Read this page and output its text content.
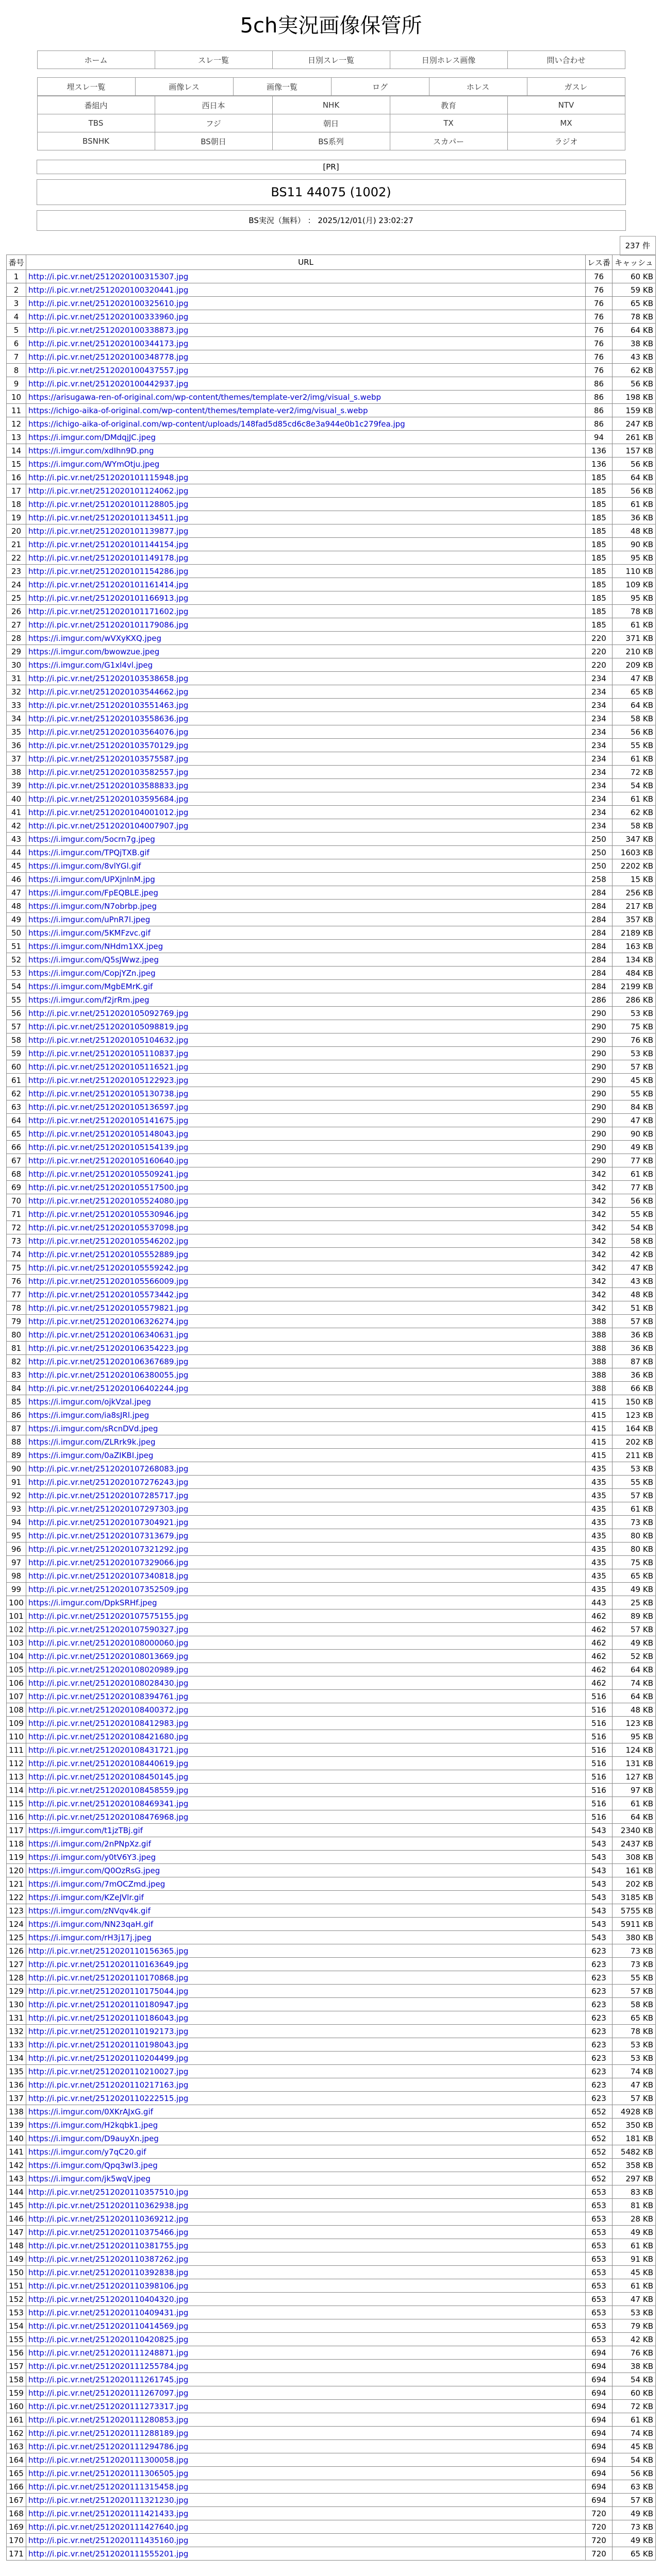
5ch実況画像保管所
ホーム	スレ一覧	日別スレ一覧	日別ホレス画像	問い合わせ
埋スレ一覧	画像レス	画像一覧	ログ	ホレス	ガスレ
番組内	西日本	NHK	教育	NTV
TBS	フジ	朝日	TX	MX
BSNHK	BS朝日	BS系列	スカパー	ラジオ
[PR]
BS11 44075 (1002)
BS実況（無料） ： 2025/12/01(月) 23:02:27
237 件
番号	URL	レス番	キャッシュ
1	http://i.pic.vr.net/2512020100315307.jpg	76	60 KB
2	http://i.pic.vr.net/2512020100320441.jpg	76	59 KB
3	http://i.pic.vr.net/2512020100325610.jpg	76	65 KB
4	http://i.pic.vr.net/2512020100333960.jpg	76	78 KB
5	http://i.pic.vr.net/2512020100338873.jpg	76	64 KB
6	http://i.pic.vr.net/2512020100344173.jpg	76	38 KB
7	http://i.pic.vr.net/2512020100348778.jpg	76	43 KB
8	http://i.pic.vr.net/2512020100437557.jpg	76	62 KB
9	http://i.pic.vr.net/2512020100442937.jpg	86	56 KB
10	https://arisugawa-ren-of-original.com/wp-content/themes/template-ver2/img/visual_s.webp	86	198 KB
11	https://ichigo-aika-of-original.com/wp-content/themes/template-ver2/img/visual_s.webp	86	159 KB
12	https://ichigo-aika-of-original.com/wp-content/uploads/148fad5d85cd6c8e3a944e0b1c279fea.jpg	86	247 KB
13	https://i.imgur.com/DMdqjJC.jpeg	94	261 KB
14	https://i.imgur.com/xdIhn9D.png	136	157 KB
15	https://i.imgur.com/WYmOtju.jpeg	136	56 KB
16	http://i.pic.vr.net/2512020101115948.jpg	185	64 KB
17	http://i.pic.vr.net/2512020101124062.jpg	185	56 KB
18	http://i.pic.vr.net/2512020101128805.jpg	185	61 KB
19	http://i.pic.vr.net/2512020101134511.jpg	185	36 KB
20	http://i.pic.vr.net/2512020101139877.jpg	185	48 KB
21	http://i.pic.vr.net/2512020101144154.jpg	185	90 KB
22	http://i.pic.vr.net/2512020101149178.jpg	185	95 KB
23	http://i.pic.vr.net/2512020101154286.jpg	185	110 KB
24	http://i.pic.vr.net/2512020101161414.jpg	185	109 KB
25	http://i.pic.vr.net/2512020101166913.jpg	185	95 KB
26	http://i.pic.vr.net/2512020101171602.jpg	185	78 KB
27	http://i.pic.vr.net/2512020101179086.jpg	185	61 KB
28	https://i.imgur.com/wVXyKXQ.jpeg	220	371 KB
29	https://i.imgur.com/bwowzue.jpeg	220	210 KB
30	https://i.imgur.com/G1xl4vl.jpeg	220	209 KB
31	http://i.pic.vr.net/2512020103538658.jpg	234	47 KB
32	http://i.pic.vr.net/2512020103544662.jpg	234	65 KB
33	http://i.pic.vr.net/2512020103551463.jpg	234	64 KB
34	http://i.pic.vr.net/2512020103558636.jpg	234	58 KB
35	http://i.pic.vr.net/2512020103564076.jpg	234	56 KB
36	http://i.pic.vr.net/2512020103570129.jpg	234	55 KB
37	http://i.pic.vr.net/2512020103575587.jpg	234	61 KB
38	http://i.pic.vr.net/2512020103582557.jpg	234	72 KB
39	http://i.pic.vr.net/2512020103588833.jpg	234	54 KB
40	http://i.pic.vr.net/2512020103595684.jpg	234	61 KB
41	http://i.pic.vr.net/2512020104001012.jpg	234	62 KB
42	http://i.pic.vr.net/2512020104007907.jpg	234	58 KB
43	https://i.imgur.com/5ocrn7g.jpeg	250	347 KB
44	https://i.imgur.com/TPQjTXB.gif	250	1603 KB
45	https://i.imgur.com/8vlYGl.gif	250	2202 KB
46	https://i.imgur.com/UPXjnlnM.jpg	258	15 KB
47	https://i.imgur.com/FpEQBLE.jpeg	284	256 KB
48	https://i.imgur.com/N7obrbp.jpeg	284	217 KB
49	https://i.imgur.com/uPnR7l.jpeg	284	357 KB
50	https://i.imgur.com/5KMFzvc.gif	284	2189 KB
51	https://i.imgur.com/NHdm1XX.jpeg	284	163 KB
52	https://i.imgur.com/Q5sJWwz.jpeg	284	134 KB
53	https://i.imgur.com/CopjYZn.jpeg	284	484 KB
54	https://i.imgur.com/MgbEMrK.gif	284	2199 KB
55	https://i.imgur.com/f2jrRm.jpeg	286	286 KB
56	http://i.pic.vr.net/2512020105092769.jpg	290	53 KB
57	http://i.pic.vr.net/2512020105098819.jpg	290	75 KB
58	http://i.pic.vr.net/2512020105104632.jpg	290	76 KB
59	http://i.pic.vr.net/2512020105110837.jpg	290	53 KB
60	http://i.pic.vr.net/2512020105116521.jpg	290	57 KB
61	http://i.pic.vr.net/2512020105122923.jpg	290	45 KB
62	http://i.pic.vr.net/2512020105130738.jpg	290	55 KB
63	http://i.pic.vr.net/2512020105136597.jpg	290	84 KB
64	http://i.pic.vr.net/2512020105141675.jpg	290	47 KB
65	http://i.pic.vr.net/2512020105148043.jpg	290	90 KB
66	http://i.pic.vr.net/2512020105154139.jpg	290	49 KB
67	http://i.pic.vr.net/2512020105160640.jpg	290	77 KB
68	http://i.pic.vr.net/2512020105509241.jpg	342	61 KB
69	http://i.pic.vr.net/2512020105517500.jpg	342	77 KB
70	http://i.pic.vr.net/2512020105524080.jpg	342	56 KB
71	http://i.pic.vr.net/2512020105530946.jpg	342	55 KB
72	http://i.pic.vr.net/2512020105537098.jpg	342	54 KB
73	http://i.pic.vr.net/2512020105546202.jpg	342	58 KB
74	http://i.pic.vr.net/2512020105552889.jpg	342	42 KB
75	http://i.pic.vr.net/2512020105559242.jpg	342	47 KB
76	http://i.pic.vr.net/2512020105566009.jpg	342	43 KB
77	http://i.pic.vr.net/2512020105573442.jpg	342	48 KB
78	http://i.pic.vr.net/2512020105579821.jpg	342	51 KB
79	http://i.pic.vr.net/2512020106326274.jpg	388	57 KB
80	http://i.pic.vr.net/2512020106340631.jpg	388	36 KB
81	http://i.pic.vr.net/2512020106354223.jpg	388	36 KB
82	http://i.pic.vr.net/2512020106367689.jpg	388	87 KB
83	http://i.pic.vr.net/2512020106380055.jpg	388	36 KB
84	http://i.pic.vr.net/2512020106402244.jpg	388	66 KB
85	https://i.imgur.com/ojkVzal.jpeg	415	150 KB
86	https://i.imgur.com/ia8sJRl.jpeg	415	123 KB
87	https://i.imgur.com/sRcnDVd.jpeg	415	164 KB
88	https://i.imgur.com/ZLRrk9k.jpeg	415	202 KB
89	https://i.imgur.com/0aZIKBI.jpeg	415	211 KB
90	http://i.pic.vr.net/2512020107268083.jpg	435	53 KB
91	http://i.pic.vr.net/2512020107276243.jpg	435	55 KB
92	http://i.pic.vr.net/2512020107285717.jpg	435	57 KB
93	http://i.pic.vr.net/2512020107297303.jpg	435	61 KB
94	http://i.pic.vr.net/2512020107304921.jpg	435	73 KB
95	http://i.pic.vr.net/2512020107313679.jpg	435	80 KB
96	http://i.pic.vr.net/2512020107321292.jpg	435	80 KB
97	http://i.pic.vr.net/2512020107329066.jpg	435	75 KB
98	http://i.pic.vr.net/2512020107340818.jpg	435	65 KB
99	http://i.pic.vr.net/2512020107352509.jpg	435	49 KB
100	https://i.imgur.com/DpkSRHf.jpeg	443	25 KB
101	http://i.pic.vr.net/2512020107575155.jpg	462	89 KB
102	http://i.pic.vr.net/2512020107590327.jpg	462	57 KB
103	http://i.pic.vr.net/2512020108000060.jpg	462	49 KB
104	http://i.pic.vr.net/2512020108013669.jpg	462	52 KB
105	http://i.pic.vr.net/2512020108020989.jpg	462	64 KB
106	http://i.pic.vr.net/2512020108028430.jpg	462	74 KB
107	http://i.pic.vr.net/2512020108394761.jpg	516	64 KB
108	http://i.pic.vr.net/2512020108400372.jpg	516	48 KB
109	http://i.pic.vr.net/2512020108412983.jpg	516	123 KB
110	http://i.pic.vr.net/2512020108421680.jpg	516	95 KB
111	http://i.pic.vr.net/2512020108431721.jpg	516	124 KB
112	http://i.pic.vr.net/2512020108440619.jpg	516	131 KB
113	http://i.pic.vr.net/2512020108450145.jpg	516	127 KB
114	http://i.pic.vr.net/2512020108458559.jpg	516	97 KB
115	http://i.pic.vr.net/2512020108469341.jpg	516	61 KB
116	http://i.pic.vr.net/2512020108476968.jpg	516	64 KB
117	https://i.imgur.com/t1jzTBj.gif	543	2340 KB
118	https://i.imgur.com/2nPNpXz.gif	543	2437 KB
119	https://i.imgur.com/y0tV6Y3.jpeg	543	308 KB
120	https://i.imgur.com/Q0OzRsG.jpeg	543	161 KB
121	https://i.imgur.com/7mOCZmd.jpeg	543	202 KB
122	https://i.imgur.com/KZeJVlr.gif	543	3185 KB
123	https://i.imgur.com/zNVqv4k.gif	543	5755 KB
124	https://i.imgur.com/NN23qaH.gif	543	5911 KB
125	https://i.imgur.com/rH3j17j.jpeg	543	380 KB
126	http://i.pic.vr.net/2512020110156365.jpg	623	73 KB
127	http://i.pic.vr.net/2512020110163649.jpg	623	73 KB
128	http://i.pic.vr.net/2512020110170868.jpg	623	55 KB
129	http://i.pic.vr.net/2512020110175044.jpg	623	57 KB
130	http://i.pic.vr.net/2512020110180947.jpg	623	58 KB
131	http://i.pic.vr.net/2512020110186043.jpg	623	65 KB
132	http://i.pic.vr.net/2512020110192173.jpg	623	78 KB
133	http://i.pic.vr.net/2512020110198043.jpg	623	53 KB
134	http://i.pic.vr.net/2512020110204499.jpg	623	53 KB
135	http://i.pic.vr.net/2512020110210027.jpg	623	74 KB
136	http://i.pic.vr.net/2512020110217163.jpg	623	47 KB
137	http://i.pic.vr.net/2512020110222515.jpg	623	57 KB
138	https://i.imgur.com/0XKrAJxG.gif	652	4928 KB
139	https://i.imgur.com/H2kqbk1.jpeg	652	350 KB
140	https://i.imgur.com/D9auyXn.jpeg	652	181 KB
141	https://i.imgur.com/y7qC20.gif	652	5482 KB
142	https://i.imgur.com/Qpq3wl3.jpeg	652	358 KB
143	https://i.imgur.com/jk5wqV.jpeg	652	297 KB
144	http://i.pic.vr.net/2512020110357510.jpg	653	83 KB
145	http://i.pic.vr.net/2512020110362938.jpg	653	81 KB
146	http://i.pic.vr.net/2512020110369212.jpg	653	28 KB
147	http://i.pic.vr.net/2512020110375466.jpg	653	49 KB
148	http://i.pic.vr.net/2512020110381755.jpg	653	61 KB
149	http://i.pic.vr.net/2512020110387262.jpg	653	91 KB
150	http://i.pic.vr.net/2512020110392838.jpg	653	45 KB
151	http://i.pic.vr.net/2512020110398106.jpg	653	61 KB
152	http://i.pic.vr.net/2512020110404320.jpg	653	47 KB
153	http://i.pic.vr.net/2512020110409431.jpg	653	53 KB
154	http://i.pic.vr.net/2512020110414569.jpg	653	79 KB
155	http://i.pic.vr.net/2512020110420825.jpg	653	42 KB
156	http://i.pic.vr.net/2512020111248871.jpg	694	76 KB
157	http://i.pic.vr.net/2512020111255784.jpg	694	38 KB
158	http://i.pic.vr.net/2512020111261745.jpg	694	54 KB
159	http://i.pic.vr.net/2512020111267097.jpg	694	60 KB
160	http://i.pic.vr.net/2512020111273317.jpg	694	72 KB
161	http://i.pic.vr.net/2512020111280853.jpg	694	61 KB
162	http://i.pic.vr.net/2512020111288189.jpg	694	74 KB
163	http://i.pic.vr.net/2512020111294786.jpg	694	45 KB
164	http://i.pic.vr.net/2512020111300058.jpg	694	54 KB
165	http://i.pic.vr.net/2512020111306505.jpg	694	56 KB
166	http://i.pic.vr.net/2512020111315458.jpg	694	63 KB
167	http://i.pic.vr.net/2512020111321230.jpg	694	57 KB
168	http://i.pic.vr.net/2512020111421433.jpg	720	49 KB
169	http://i.pic.vr.net/2512020111427640.jpg	720	73 KB
170	http://i.pic.vr.net/2512020111435160.jpg	720	49 KB
171	http://i.pic.vr.net/2512020111555201.jpg	720	65 KB
